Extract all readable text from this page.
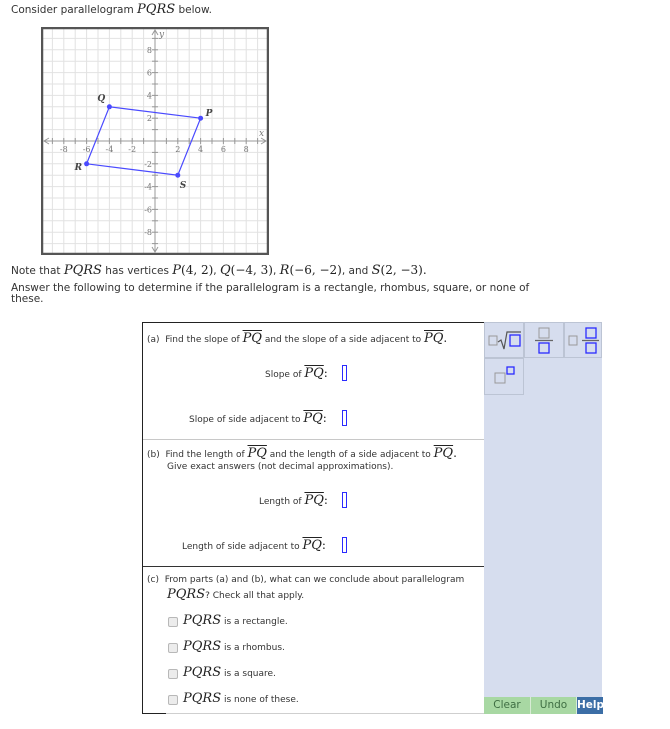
Consider parallelogram PQRS below.
-8 -6 -4 -2	2 4 6 8
8
6
4
2
-2
-4
-6
-8
x
y
P
Q
R
S
Note that PQRS has vertices P(4, 2), Q(−4, 3), R(−6, −2), and S(2, −3).
Answer the following to determine if the parallelogram is a rectangle, rhombus, square, or none of these.
(a) Find the slope of $\overline{PQ}$ and the slope of a side adjacent to $\overline{PQ}$.
Slope of $\overline{PQ}$:
Slope of side adjacent to $\overline{PQ}$:
(b) Find the length of $\overline{PQ}$ and the length of a side adjacent to $\overline{PQ}$.
Give exact answers (not decimal approximations).
Length of $\overline{PQ}$:
Length of side adjacent to $\overline{PQ}$:
(c) From parts (a) and (b), what can we conclude about parallelogram
PQRS? Check all that apply.
PQRS is a rectangle.
PQRS is a rhombus.
PQRS is a square.
PQRS is none of these.	Clear	Undo Help
